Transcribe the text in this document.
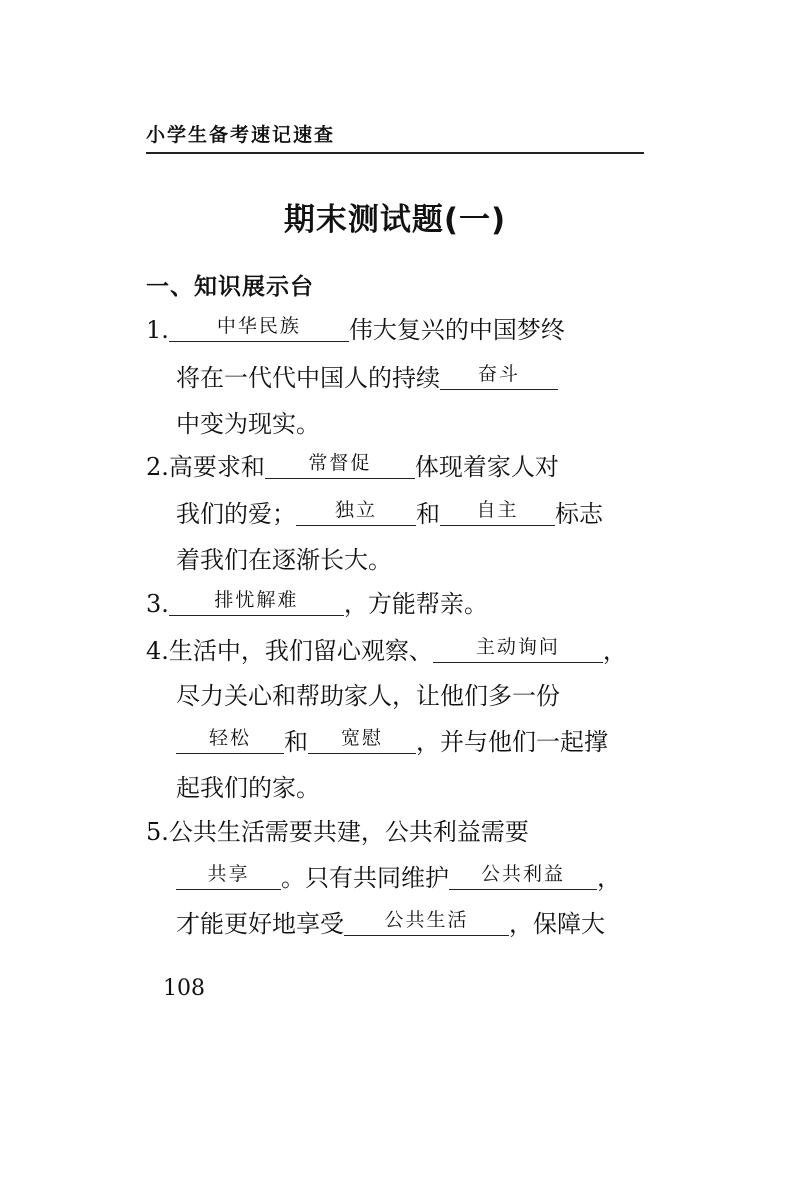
小学生备考速记速查
期末测试题(一)
一、知识展示台
1.	中华民族 伟大复兴的中国梦终
将在一代代中国人的持续 奋斗
中变为现实。
2.高要求和 常督促 体现着家人对
我们的爱； 独立 和 自主 标志
着我们在逐渐长大。
3. 排忧解难 ，方能帮亲。
4.生活中，我们留心观察、 主动询问 ，
尽力关心和帮助家人，让他们多一份
轻松 和 宽慰 ，并与他们一起撑
起我们的家。
5.公共生活需要共建，公共利益需要
共享 。只有共同维护 公共利益 ，
才能更好地享受 公共生活 ，保障大
108
